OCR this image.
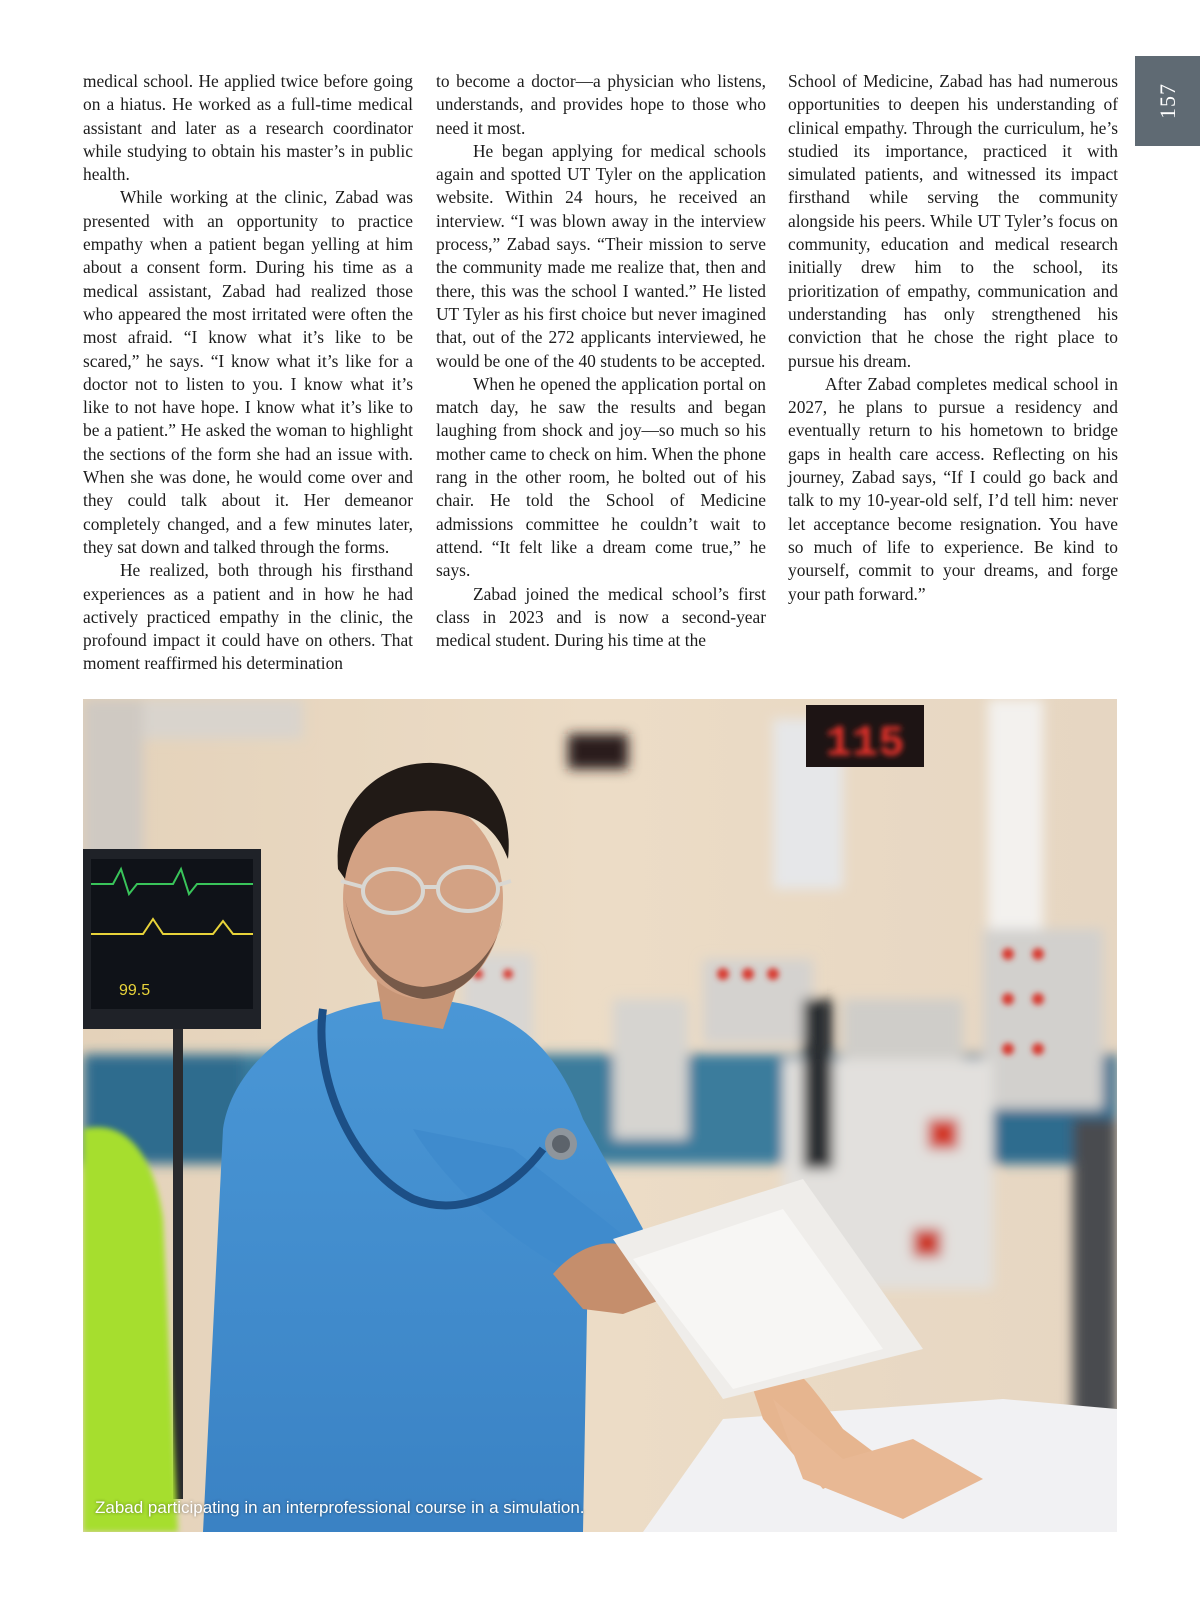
157

medical school. He applied twice before going on a hiatus. He worked as a full-time medical assistant and later as a research coordinator while studying to obtain his master’s in public health.

While working at the clinic, Zabad was presented with an opportunity to practice empathy when a patient began yelling at him about a consent form. During his time as a medical assistant, Zabad had realized those who appeared the most irritated were often the most afraid. “I know what it’s like to be scared,” he says. “I know what it’s like for a doctor not to listen to you. I know what it’s like to not have hope. I know what it’s like to be a patient.” He asked the woman to highlight the sections of the form she had an issue with. When she was done, he would come over and they could talk about it. Her demeanor completely changed, and a few minutes later, they sat down and talked through the forms.

He realized, both through his firsthand experiences as a patient and in how he had actively practiced empathy in the clinic, the profound impact it could have on others. That moment reaffirmed his determination

to become a doctor—a physician who listens, understands, and provides hope to those who need it most.

He began applying for medical schools again and spotted UT Tyler on the application website. Within 24 hours, he received an interview. “I was blown away in the interview process,” Zabad says. “Their mission to serve the community made me realize that, then and there, this was the school I wanted.” He listed UT Tyler as his first choice but never imagined that, out of the 272 applicants interviewed, he would be one of the 40 students to be accepted.

When he opened the application portal on match day, he saw the results and began laughing from shock and joy—so much so his mother came to check on him. When the phone rang in the other room, he bolted out of his chair. He told the School of Medicine admissions committee he couldn’t wait to attend. “It felt like a dream come true,” he says.

Zabad joined the medical school’s first class in 2023 and is now a second-year medical student. During his time at the

School of Medicine, Zabad has had numerous opportunities to deepen his understanding of clinical empathy. Through the curriculum, he’s studied its importance, practiced it with simulated patients, and witnessed its impact firsthand while serving the community alongside his peers. While UT Tyler’s focus on community, education and medical research initially drew him to the school, its prioritization of empathy, communication and understanding has only strengthened his conviction that he chose the right place to pursue his dream.

After Zabad completes medical school in 2027, he plans to pursue a residency and eventually return to his hometown to bridge gaps in health care access. Reflecting on his journey, Zabad says, “If I could go back and talk to my 10-year-old self, I’d tell him: never let acceptance become resignation. You have so much of life to experience. Be kind to yourself, commit to your dreams, and forge your path forward.”

115
99.5
Zabad participating in an interprofessional course in a simulation.
